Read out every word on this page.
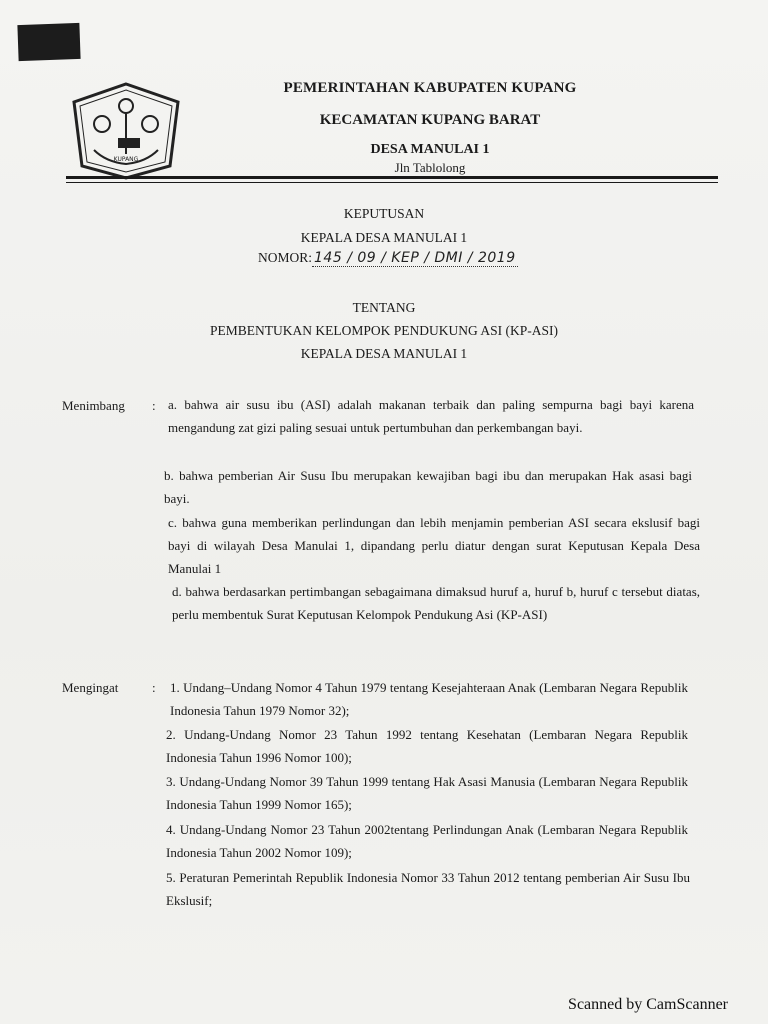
KUPANG
PEMERINTAHAN KABUPATEN KUPANG
KECAMATAN KUPANG BARAT
DESA MANULAI 1
Jln Tablolong
KEPUTUSAN
KEPALA DESA MANULAI 1
NOMOR: 145 / 09 / KEP / DMI / 2019
TENTANG
PEMBENTUKAN KELOMPOK PENDUKUNG ASI (KP-ASI)
KEPALA DESA MANULAI 1
Menimbang : a. bahwa air susu ibu (ASI) adalah makanan terbaik dan paling sempurna bagi bayi karena mengandung zat gizi paling sesuai untuk pertumbuhan dan perkembangan bayi.
b. bahwa pemberian Air Susu Ibu merupakan kewajiban bagi ibu dan merupakan Hak asasi bagi bayi.
c. bahwa guna memberikan perlindungan dan lebih menjamin pemberian ASI secara ekslusif bagi bayi di wilayah Desa Manulai 1, dipandang perlu diatur dengan surat Keputusan Kepala Desa Manulai 1
d. bahwa berdasarkan pertimbangan sebagaimana dimaksud huruf a, huruf b, huruf c tersebut diatas, perlu membentuk Surat Keputusan Kelompok Pendukung Asi (KP-ASI)
Mengingat	: 1. Undang–Undang Nomor 4 Tahun 1979 tentang Kesejahteraan Anak (Lembaran Negara Republik Indonesia Tahun 1979 Nomor 32);
2. Undang-Undang Nomor 23 Tahun 1992 tentang Kesehatan (Lembaran Negara Republik Indonesia Tahun 1996 Nomor 100);
3. Undang-Undang Nomor 39 Tahun 1999 tentang Hak Asasi Manusia (Lembaran Negara Republik Indonesia Tahun 1999 Nomor 165);
4. Undang-Undang Nomor 23 Tahun 2002tentang Perlindungan Anak (Lembaran Negara Republik Indonesia Tahun 2002 Nomor 109);
5. Peraturan Pemerintah Republik Indonesia Nomor 33 Tahun 2012 tentang pemberian Air Susu Ibu Ekslusif;
Scanned by CamScanner
